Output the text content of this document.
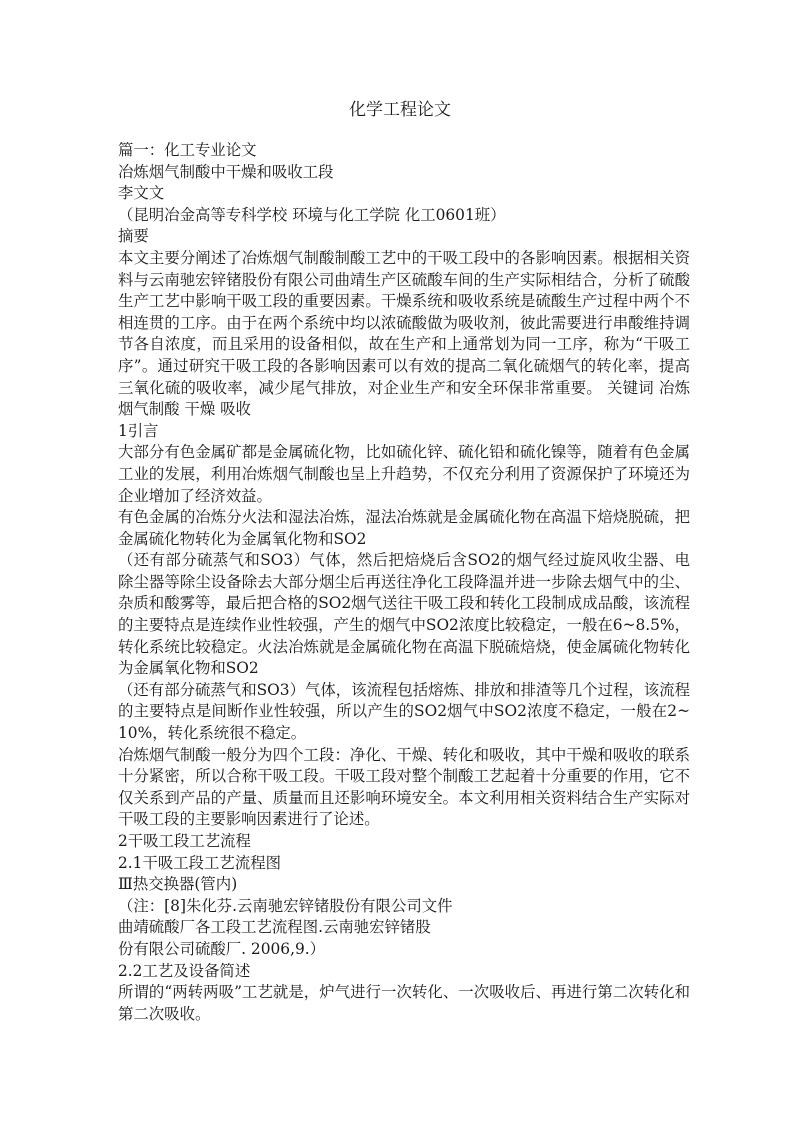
化学工程论文

篇一：化工专业论文

冶炼烟气制酸中干燥和吸收工段

李文文

（昆明冶金高等专科学校 环境与化工学院 化工0601班）

摘要

本文主要分阐述了冶炼烟气制酸制酸工艺中的干吸工段中的各影响因素。根据相关资料与云南驰宏锌锗股份有限公司曲靖生产区硫酸车间的生产实际相结合，分析了硫酸生产工艺中影响干吸工段的重要因素。干燥系统和吸收系统是硫酸生产过程中两个不相连贯的工序。由于在两个系统中均以浓硫酸做为吸收剂，彼此需要进行串酸维持调节各自浓度，而且采用的设备相似，故在生产和上通常划为同一工序，称为“干吸工序”。通过研究干吸工段的各影响因素可以有效的提高二氧化硫烟气的转化率，提高三氧化硫的吸收率，减少尾气排放，对企业生产和安全环保非常重要。 关键词 冶炼烟气制酸 干燥 吸收

1引言

大部分有色金属矿都是金属硫化物，比如硫化锌、硫化铅和硫化镍等，随着有色金属工业的发展，利用冶炼烟气制酸也呈上升趋势，不仅充分利用了资源保护了环境还为企业增加了经济效益。

有色金属的冶炼分火法和湿法冶炼，湿法冶炼就是金属硫化物在高温下焙烧脱硫，把金属硫化物转化为金属氧化物和SO2

（还有部分硫蒸气和SO3）气体，然后把焙烧后含SO2的烟气经过旋风收尘器、电除尘器等除尘设备除去大部分烟尘后再送往净化工段降温并进一步除去烟气中的尘、杂质和酸雾等，最后把合格的SO2烟气送往干吸工段和转化工段制成成品酸，该流程的主要特点是连续作业性较强，产生的烟气中SO2浓度比较稳定，一般在6~8.5%，转化系统比较稳定。火法冶炼就是金属硫化物在高温下脱硫焙烧，使金属硫化物转化为金属氧化物和SO2

（还有部分硫蒸气和SO3）气体，该流程包括熔炼、排放和排渣等几个过程，该流程的主要特点是间断作业性较强，所以产生的SO2烟气中SO2浓度不稳定，一般在2~10%，转化系统很不稳定。

冶炼烟气制酸一般分为四个工段：净化、干燥、转化和吸收，其中干燥和吸收的联系十分紧密，所以合称干吸工段。干吸工段对整个制酸工艺起着十分重要的作用，它不仅关系到产品的产量、质量而且还影响环境安全。本文利用相关资料结合生产实际对干吸工段的主要影响因素进行了论述。

2干吸工段工艺流程

2.1干吸工段工艺流程图

Ⅲ热交换器(管内)

（注：[8]朱化芬.云南驰宏锌锗股份有限公司文件

曲靖硫酸厂各工段工艺流程图.云南驰宏锌锗股

份有限公司硫酸厂. 2006,9.）

2.2工艺及设备简述

所谓的“两转两吸”工艺就是，炉气进行一次转化、一次吸收后、再进行第二次转化和第二次吸收。
